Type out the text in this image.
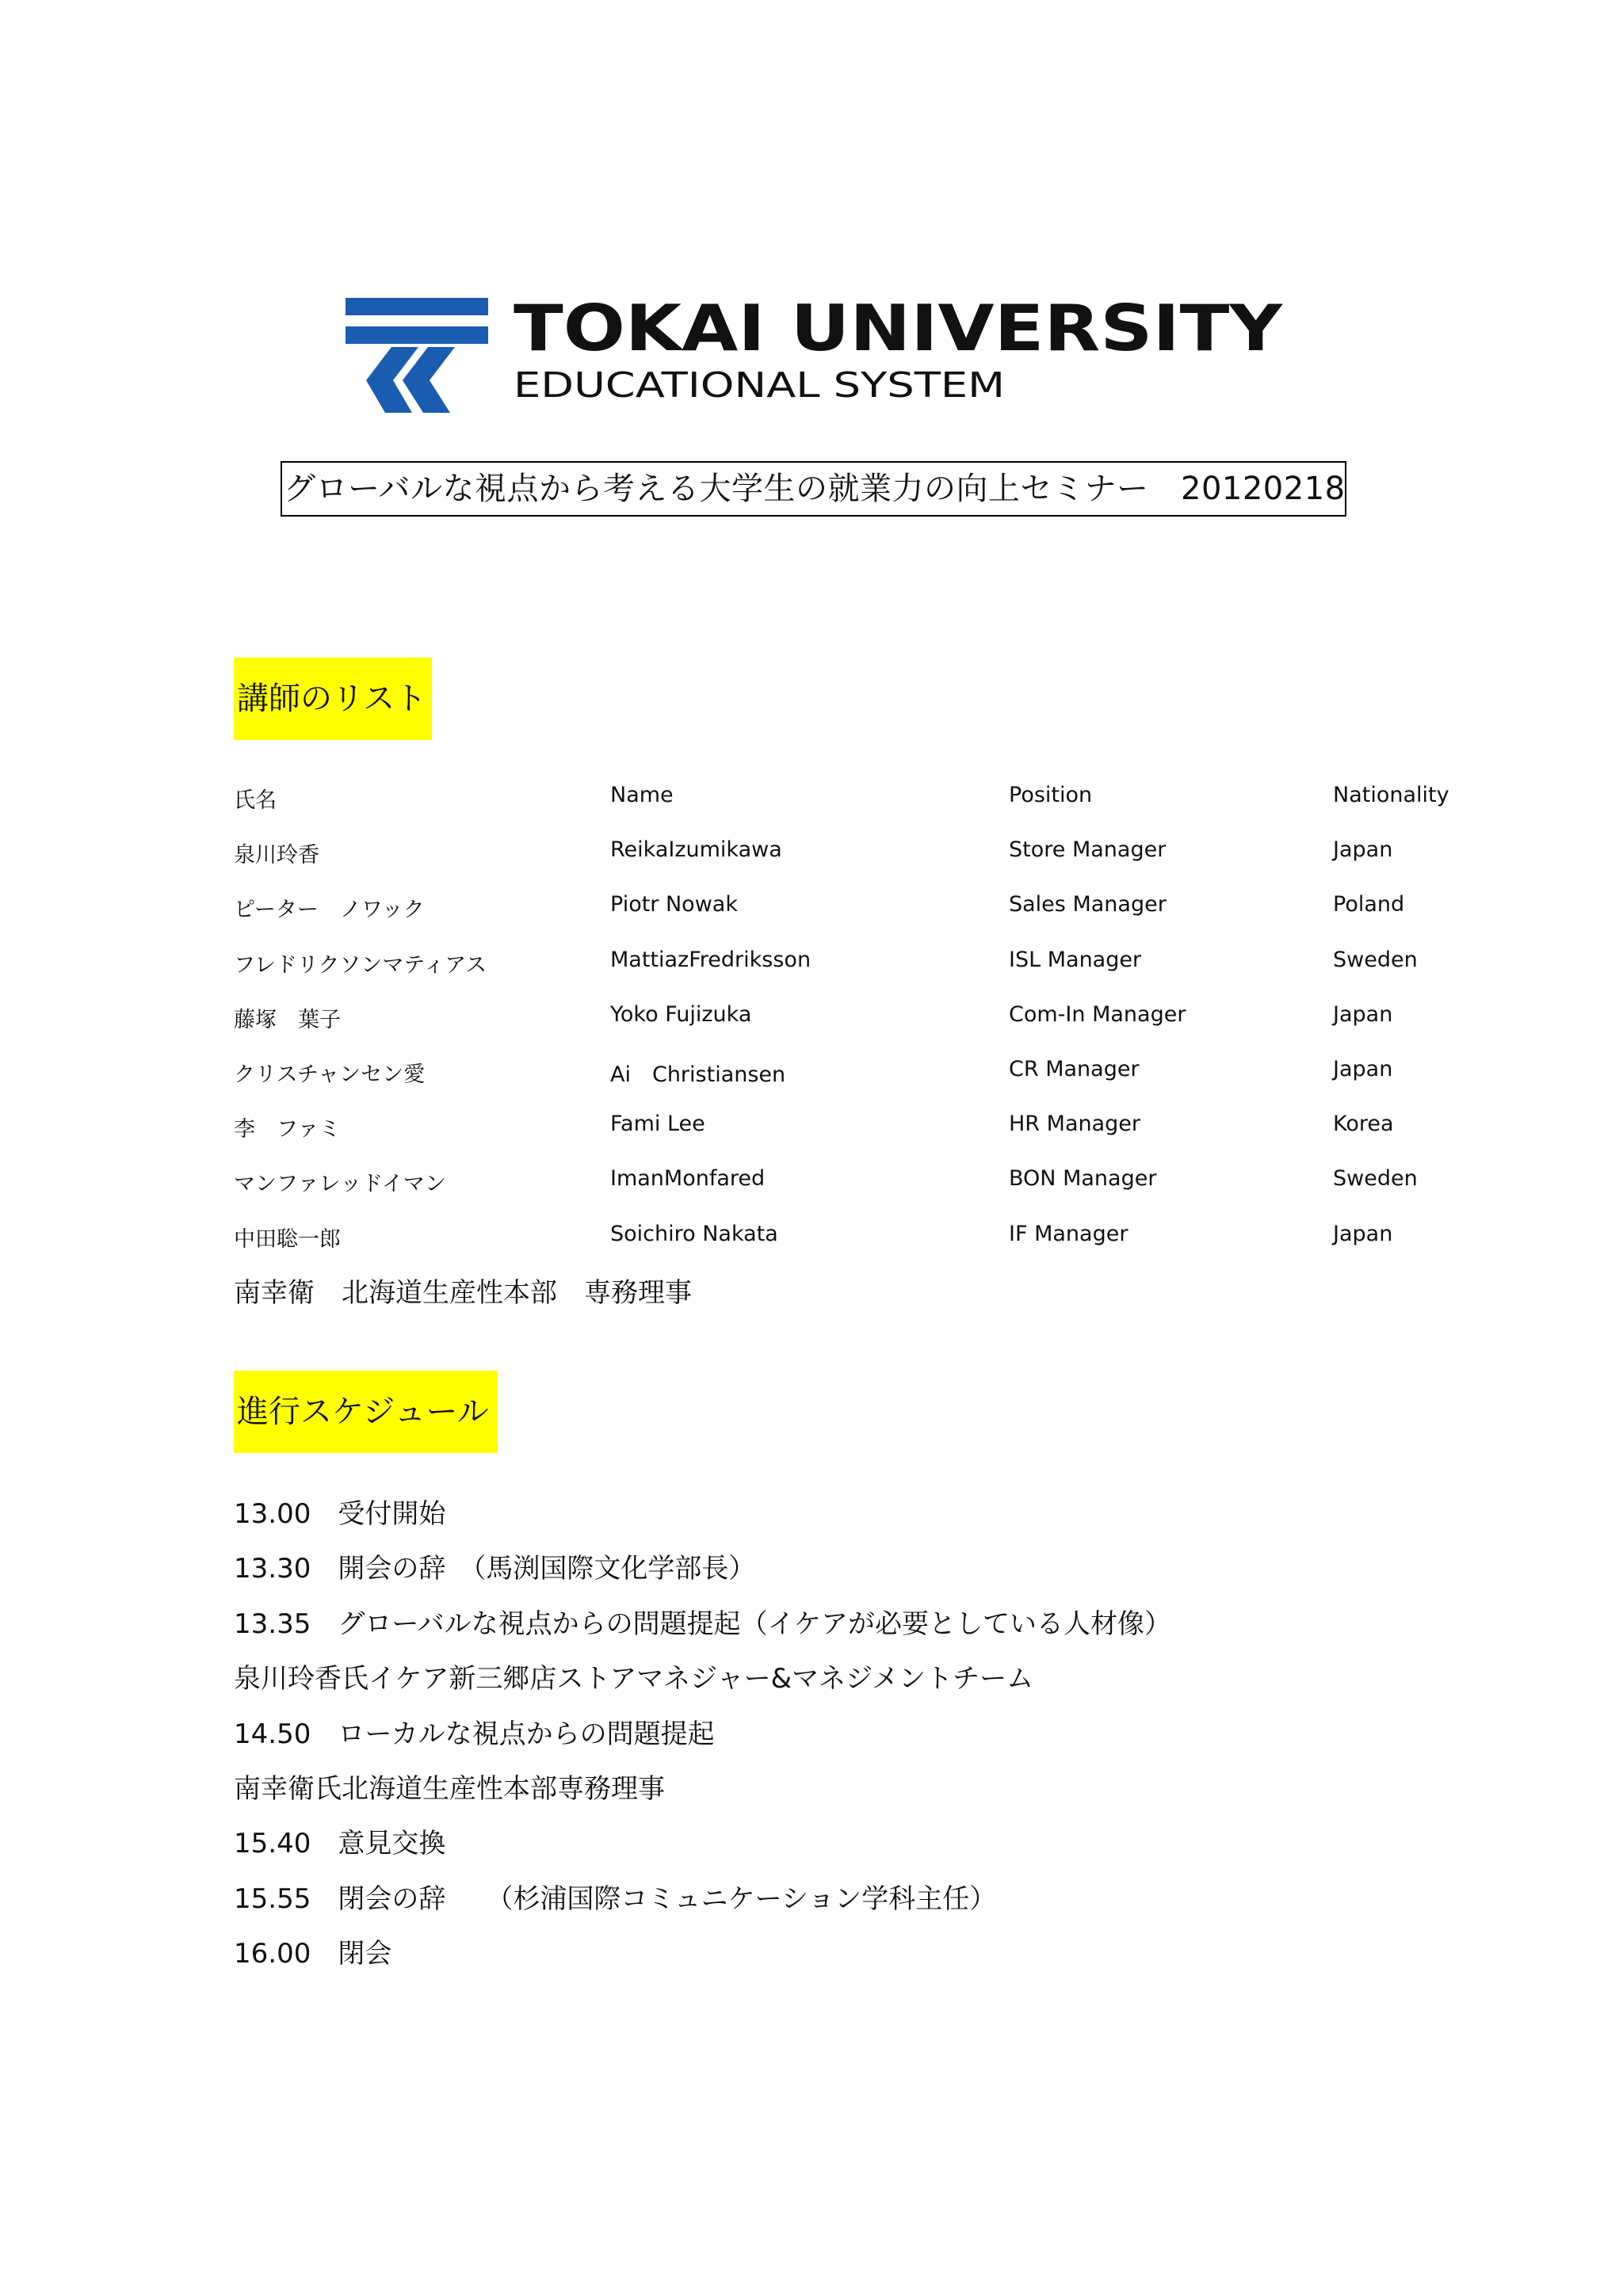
TOKAI UNIVERSITY
EDUCATIONAL SYSTEM
グローバルな視点から考える大学生の就業力の向上セミナー　20120218
講師のリスト
氏名	Name	Position	Nationality
泉川玲香	ReikaIzumikawa	Store Manager	Japan
ピーター　ノワック	Piotr Nowak	Sales Manager	Poland
フレドリクソンマティアス	MattiazFredriksson	ISL Manager	Sweden
藤塚　葉子	Yoko Fujizuka	Com-In Manager	Japan
クリスチャンセン愛	Ai　Christiansen	CR Manager	Japan
李　ファミ	Fami Lee	HR Manager	Korea
マンファレッドイマン	ImanMonfared	BON Manager	Sweden
中田聡一郎	Soichiro Nakata	IF Manager	Japan
南幸衛　北海道生産性本部　専務理事
進行スケジュール
13.00　受付開始
13.30　開会の辞　（馬渕国際文化学部長）
13.35　グローバルな視点からの問題提起（イケアが必要としている人材像）
泉川玲香氏イケア新三郷店ストアマネジャー&マネジメントチーム
14.50　ローカルな視点からの問題提起
南幸衛氏北海道生産性本部専務理事
15.40　意見交換
15.55　閉会の辞　　（杉浦国際コミュニケーション学科主任）
16.00　閉会
